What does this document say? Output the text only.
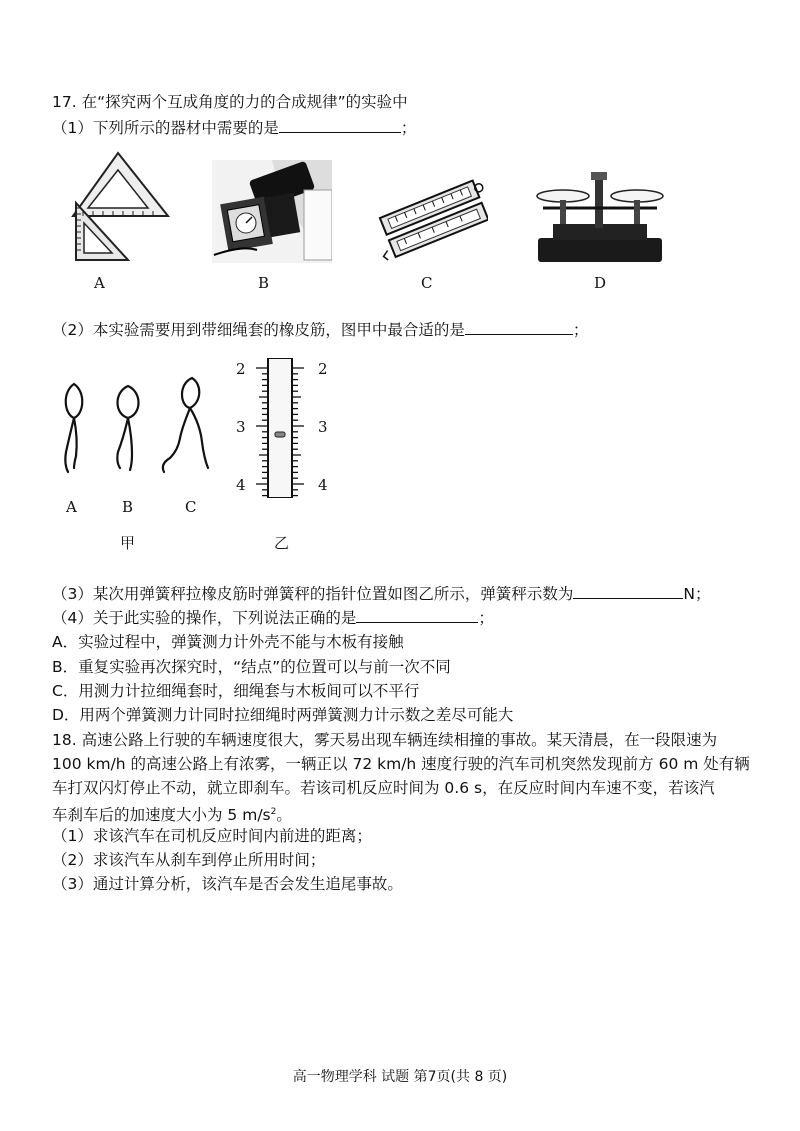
17. 在“探究两个互成角度的力的合成规律”的实验中
（1）下列所示的器材中需要的是	；
A	B	C	D
（2）本实验需要用到带细绳套的橡皮筋，图甲中最合适的是	；
A	B	C
甲
2
3
4
2
3
4
乙
（3）某次用弹簧秤拉橡皮筋时弹簧秤的指针位置如图乙所示，弹簧秤示数为	N；
（4）关于此实验的操作，下列说法正确的是	；
A．实验过程中，弹簧测力计外壳不能与木板有接触
B．重复实验再次探究时，“结点”的位置可以与前一次不同
C．用测力计拉细绳套时，细绳套与木板间可以不平行
D．用两个弹簧测力计同时拉细绳时两弹簧测力计示数之差尽可能大
18. 高速公路上行驶的车辆速度很大，雾天易出现车辆连续相撞的事故。某天清晨，在一段限速为
100 km/h 的高速公路上有浓雾，一辆正以 72 km/h 速度行驶的汽车司机突然发现前方 60 m 处有辆
车打双闪灯停止不动，就立即刹车。若该司机反应时间为 0.6 s，在反应时间内车速不变，若该汽
车刹车后的加速度大小为 5 $m/s^2$。
（1）求该汽车在司机反应时间内前进的距离；
（2）求该汽车从刹车到停止所用时间；
（3）通过计算分析，该汽车是否会发生追尾事故。
高一物理学科 试题 第7页(共 8 页)
